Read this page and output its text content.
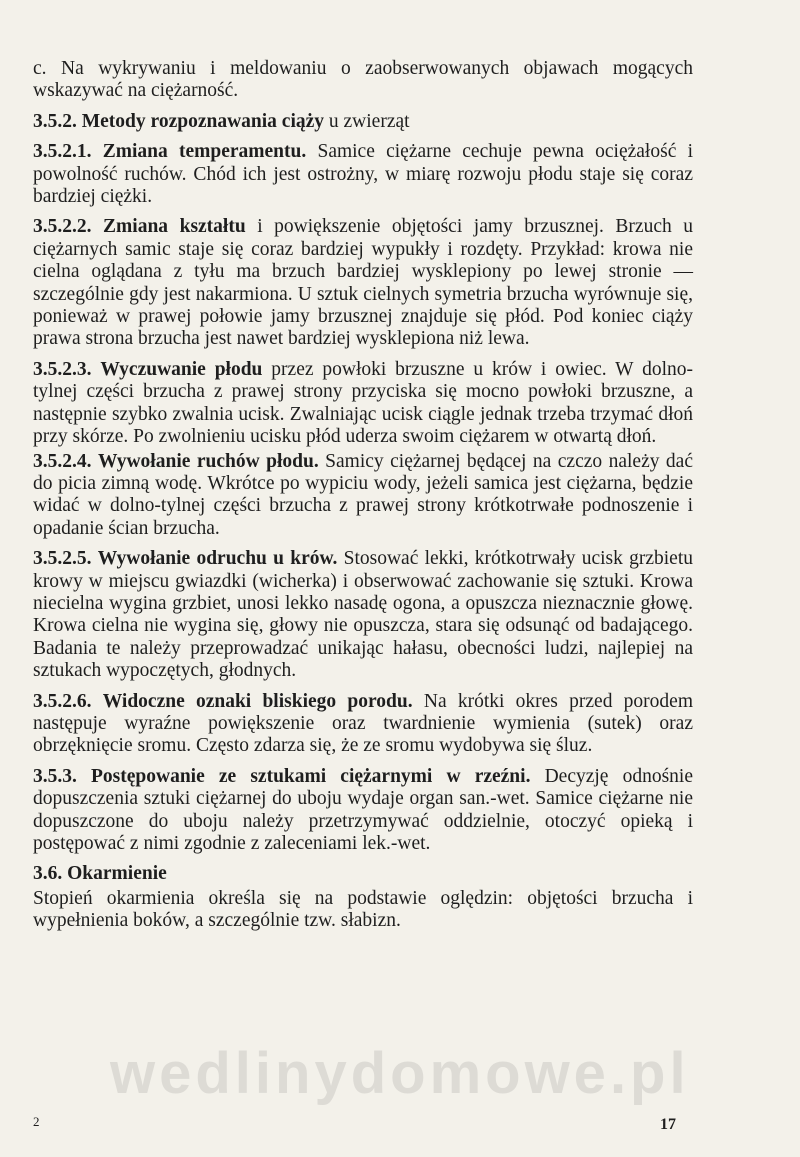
c. Na wykrywaniu i meldowaniu o zaobserwowanych objawach mogących wskazywać na ciężarność.

3.5.2. Metody rozpoznawania ciąży u zwierząt

3.5.2.1. Zmiana temperamentu. Samice ciężarne cechuje pewna ociężałość i powolność ruchów. Chód ich jest ostrożny, w miarę rozwoju płodu staje się coraz bardziej ciężki.

3.5.2.2. Zmiana kształtu i powiększenie objętości jamy brzusznej. Brzuch u ciężarnych samic staje się coraz bardziej wypukły i rozdęty. Przykład: krowa nie cielna oglądana z tyłu ma brzuch bardziej wysklepiony po lewej stronie — szczególnie gdy jest nakarmiona. U sztuk cielnych symetria brzucha wyrównuje się, ponieważ w prawej połowie jamy brzusznej znajduje się płód. Pod koniec ciąży prawa strona brzucha jest nawet bardziej wysklepiona niż lewa.

3.5.2.3. Wyczuwanie płodu przez powłoki brzuszne u krów i owiec. W dolno-tylnej części brzucha z prawej strony przyciska się mocno powłoki brzuszne, a następnie szybko zwalnia ucisk. Zwalniając ucisk ciągle jednak trzeba trzymać dłoń przy skórze. Po zwolnieniu ucisku płód uderza swoim ciężarem w otwartą dłoń.

3.5.2.4. Wywołanie ruchów płodu. Samicy ciężarnej będącej na czczo należy dać do picia zimną wodę. Wkrótce po wypiciu wody, jeżeli samica jest ciężarna, będzie widać w dolno-tylnej części brzucha z prawej strony krótkotrwałe podnoszenie i opadanie ścian brzucha.

3.5.2.5. Wywołanie odruchu u krów. Stosować lekki, krótkotrwały ucisk grzbietu krowy w miejscu gwiazdki (wicherka) i obserwować zachowanie się sztuki. Krowa niecielna wygina grzbiet, unosi lekko nasadę ogona, a opuszcza nieznacznie głowę. Krowa cielna nie wygina się, głowy nie opuszcza, stara się odsunąć od badającego. Badania te należy przeprowadzać unikając hałasu, obecności ludzi, najlepiej na sztukach wypoczętych, głodnych.

3.5.2.6. Widoczne oznaki bliskiego porodu. Na krótki okres przed porodem następuje wyraźne powiększenie oraz twardnienie wymienia (sutek) oraz obrzęknięcie sromu. Często zdarza się, że ze sromu wydobywa się śluz.

3.5.3. Postępowanie ze sztukami ciężarnymi w rzeźni. Decyzję odnośnie dopuszczenia sztuki ciężarnej do uboju wydaje organ san.-wet. Samice ciężarne nie dopuszczone do uboju należy przetrzymywać oddzielnie, otoczyć opieką i postępować z nimi zgodnie z zaleceniami lek.-wet.

3.6. Okarmienie

Stopień okarmienia określa się na podstawie oględzin: objętości brzucha i wypełnienia boków, a szczególnie tzw. słabizn.

wedlinydomowe.pl
2	17
